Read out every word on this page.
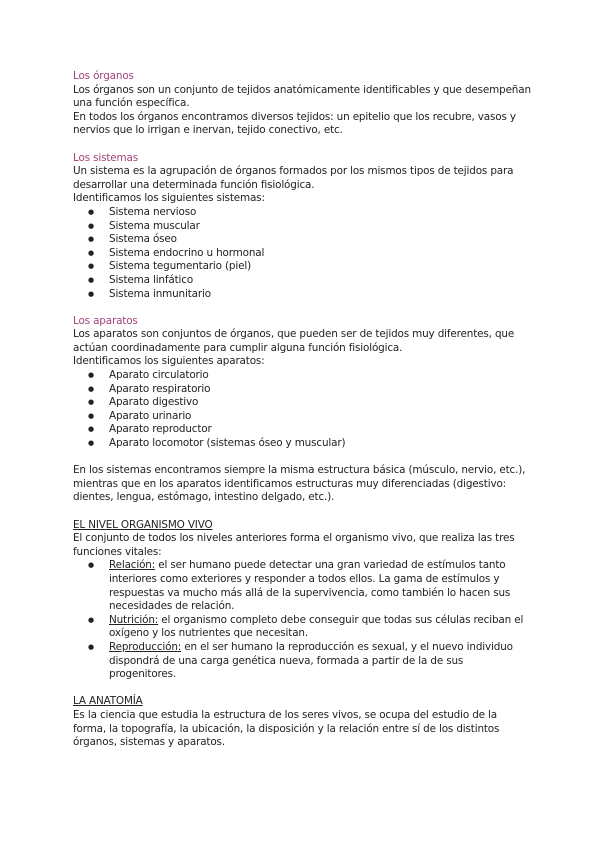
Los órganos

Los órganos son un conjunto de tejidos anatómicamente identificables y que desempeñan una función específica.

En todos los órganos encontramos diversos tejidos: un epitelio que los recubre, vasos y nervios que lo irrigan e inervan, tejido conectivo, etc.

Los sistemas

Un sistema es la agrupación de órganos formados por los mismos tipos de tejidos para desarrollar una determinada función fisiológica.

Identificamos los siguientes sistemas:

● Sistema nervioso
● Sistema muscular
● Sistema óseo
● Sistema endocrino u hormonal
● Sistema tegumentario (piel)
● Sistema linfático
● Sistema inmunitario

Los aparatos

Los aparatos son conjuntos de órganos, que pueden ser de tejidos muy diferentes, que actúan coordinadamente para cumplir alguna función fisiológica.

Identificamos los siguientes aparatos:

● Aparato circulatorio
● Aparato respiratorio
● Aparato digestivo
● Aparato urinario
● Aparato reproductor
● Aparato locomotor (sistemas óseo y muscular)

En los sistemas encontramos siempre la misma estructura básica (músculo, nervio, etc.), mientras que en los aparatos identificamos estructuras muy diferenciadas (digestivo: dientes, lengua, estómago, intestino delgado, etc.).

EL NIVEL ORGANISMO VIVO

El conjunto de todos los niveles anteriores forma el organismo vivo, que realiza las tres funciones vitales:

● Relación: el ser humano puede detectar una gran variedad de estímulos tanto interiores como exteriores y responder a todos ellos. La gama de estímulos y respuestas va mucho más allá de la supervivencia, como también lo hacen sus necesidades de relación.
● Nutrición: el organismo completo debe conseguir que todas sus células reciban el oxígeno y los nutrientes que necesitan.
● Reproducción: en el ser humano la reproducción es sexual, y el nuevo individuo dispondrá de una carga genética nueva, formada a partir de la de sus progenitores.

LA ANATOMÍA

Es la ciencia que estudia la estructura de los seres vivos, se ocupa del estudio de la forma, la topografía, la ubicación, la disposición y la relación entre sí de los distintos órganos, sistemas y aparatos.
